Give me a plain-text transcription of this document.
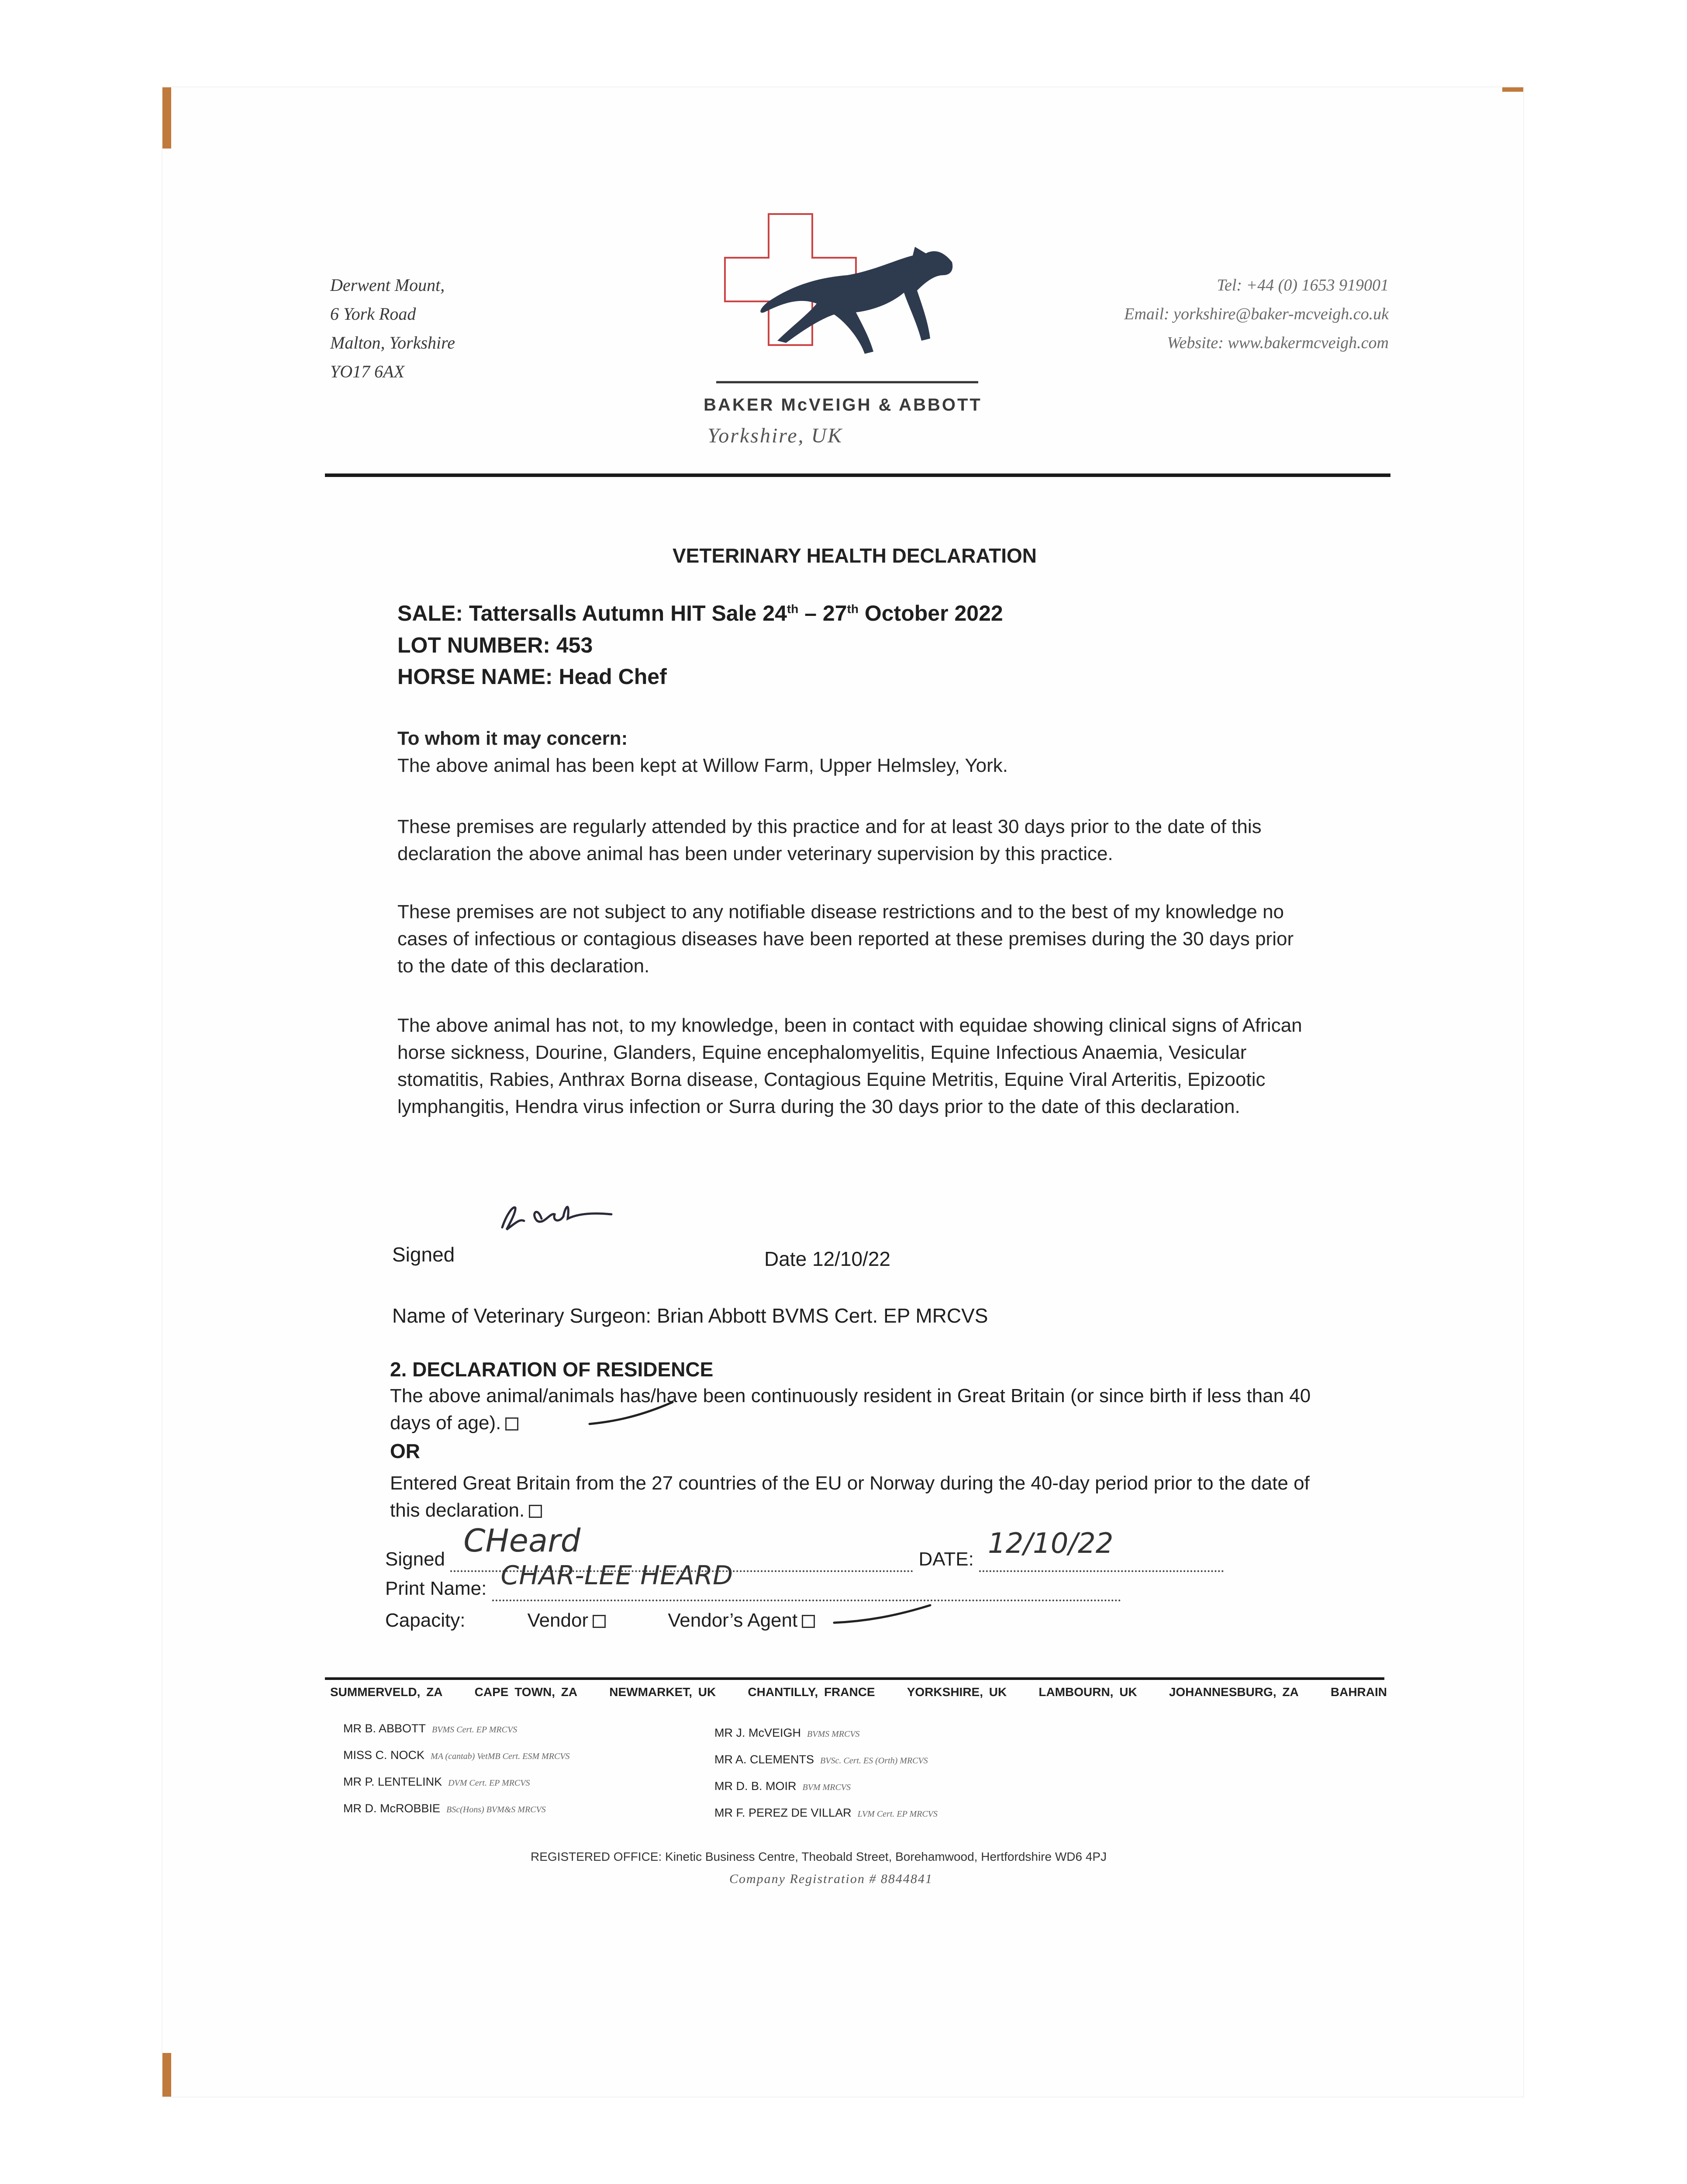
Derwent Mount,
6 York Road
Malton, Yorkshire
YO17 6AX
BAKER McVEIGH & ABBOTT
Yorkshire, UK
Tel: +44 (0) 1653 919001
Email: yorkshire@baker-mcveigh.co.uk
Website: www.bakermcveigh.com
VETERINARY HEALTH DECLARATION
SALE: Tattersalls Autumn HIT Sale 24th – 27th October 2022
LOT NUMBER: 453
HORSE NAME: Head Chef
To whom it may concern:
The above animal has been kept at Willow Farm, Upper Helmsley, York.
These premises are regularly attended by this practice and for at least 30 days prior to the date of this declaration the above animal has been under veterinary supervision by this practice.
These premises are not subject to any notifiable disease restrictions and to the best of my knowledge no cases of infectious or contagious diseases have been reported at these premises during the 30 days prior to the date of this declaration.
The above animal has not, to my knowledge, been in contact with equidae showing clinical signs of African horse sickness, Dourine, Glanders, Equine encephalomyelitis, Equine Infectious Anaemia, Vesicular stomatitis, Rabies, Anthrax Borna disease, Contagious Equine Metritis, Equine Viral Arteritis, Epizootic lymphangitis, Hendra virus infection or Surra during the 30 days prior to the date of this declaration.
Signed	Date 12/10/22
Name of Veterinary Surgeon: Brian Abbott BVMS Cert. EP MRCVS
2. DECLARATION OF RESIDENCE
The above animal/animals has/have been continuously resident in Great Britain (or since birth if less than 40 days of age).
OR
Entered Great Britain from the 27 countries of the EU or Norway during the 40-day period prior to the date of this declaration.
Signed
CHeard
DATE: 12/10/22

Print Name: CHAR-LEE HEARD

Capacity:	Vendor	Vendor’s Agent
SUMMERVELD, ZA	CAPE TOWN, ZA	NEWMARKET, UK	CHANTILLY, FRANCE	YORKSHIRE, UK	LAMBOURN, UK	JOHANNESBURG, ZA	BAHRAIN
MR B. ABBOTT BVMS Cert. EP MRCVS
MISS C. NOCK MA (cantab) VetMB Cert. ESM MRCVS
MR P. LENTELINK DVM Cert. EP MRCVS
MR D. McROBBIE BSc(Hons) BVM&S MRCVS
MR J. McVEIGH BVMS MRCVS
MR A. CLEMENTS BVSc. Cert. ES (Orth) MRCVS
MR D. B. MOIR BVM MRCVS
MR F. PEREZ DE VILLAR LVM Cert. EP MRCVS
REGISTERED OFFICE: Kinetic Business Centre, Theobald Street, Borehamwood, Hertfordshire WD6 4PJ
Company Registration # 8844841
